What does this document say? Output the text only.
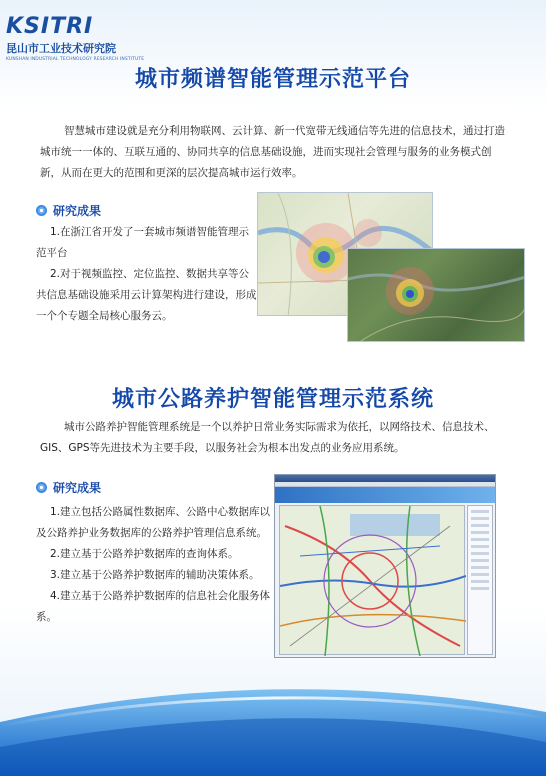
KSITRI
昆山市工业技术研究院
KUNSHAN INDUSTRIAL TECHNOLOGY RESEARCH INSTITUTE
城市频谱智能管理示范平台
智慧城市建设就是充分利用物联网、云计算、新一代宽带无线通信等先进的信息技术，通过打造城市统一一体的、互联互通的、协同共享的信息基础设施，进而实现社会管理与服务的业务模式创新，从而在更大的范围和更深的层次提高城市运行效率。
研究成果
1.在浙江省开发了一套城市频谱智能管理示范平台
2.对于视频监控、定位监控、数据共享等公共信息基础设施采用云计算架构进行建设，形成一个个专题全局核心服务云。
城市公路养护智能管理示范系统
城市公路养护智能管理系统是一个以养护日常业务实际需求为依托，以网络技术、信息技术、GIS、GPS等先进技术为主要手段，以服务社会为根本出发点的业务应用系统。
研究成果
1.建立包括公路属性数据库、公路中心数据库以及公路养护业务数据库的公路养护管理信息系统。
2.建立基于公路养护数据库的查询体系。
3.建立基于公路养护数据库的辅助决策体系。
4.建立基于公路养护数据库的信息社会化服务体系。
